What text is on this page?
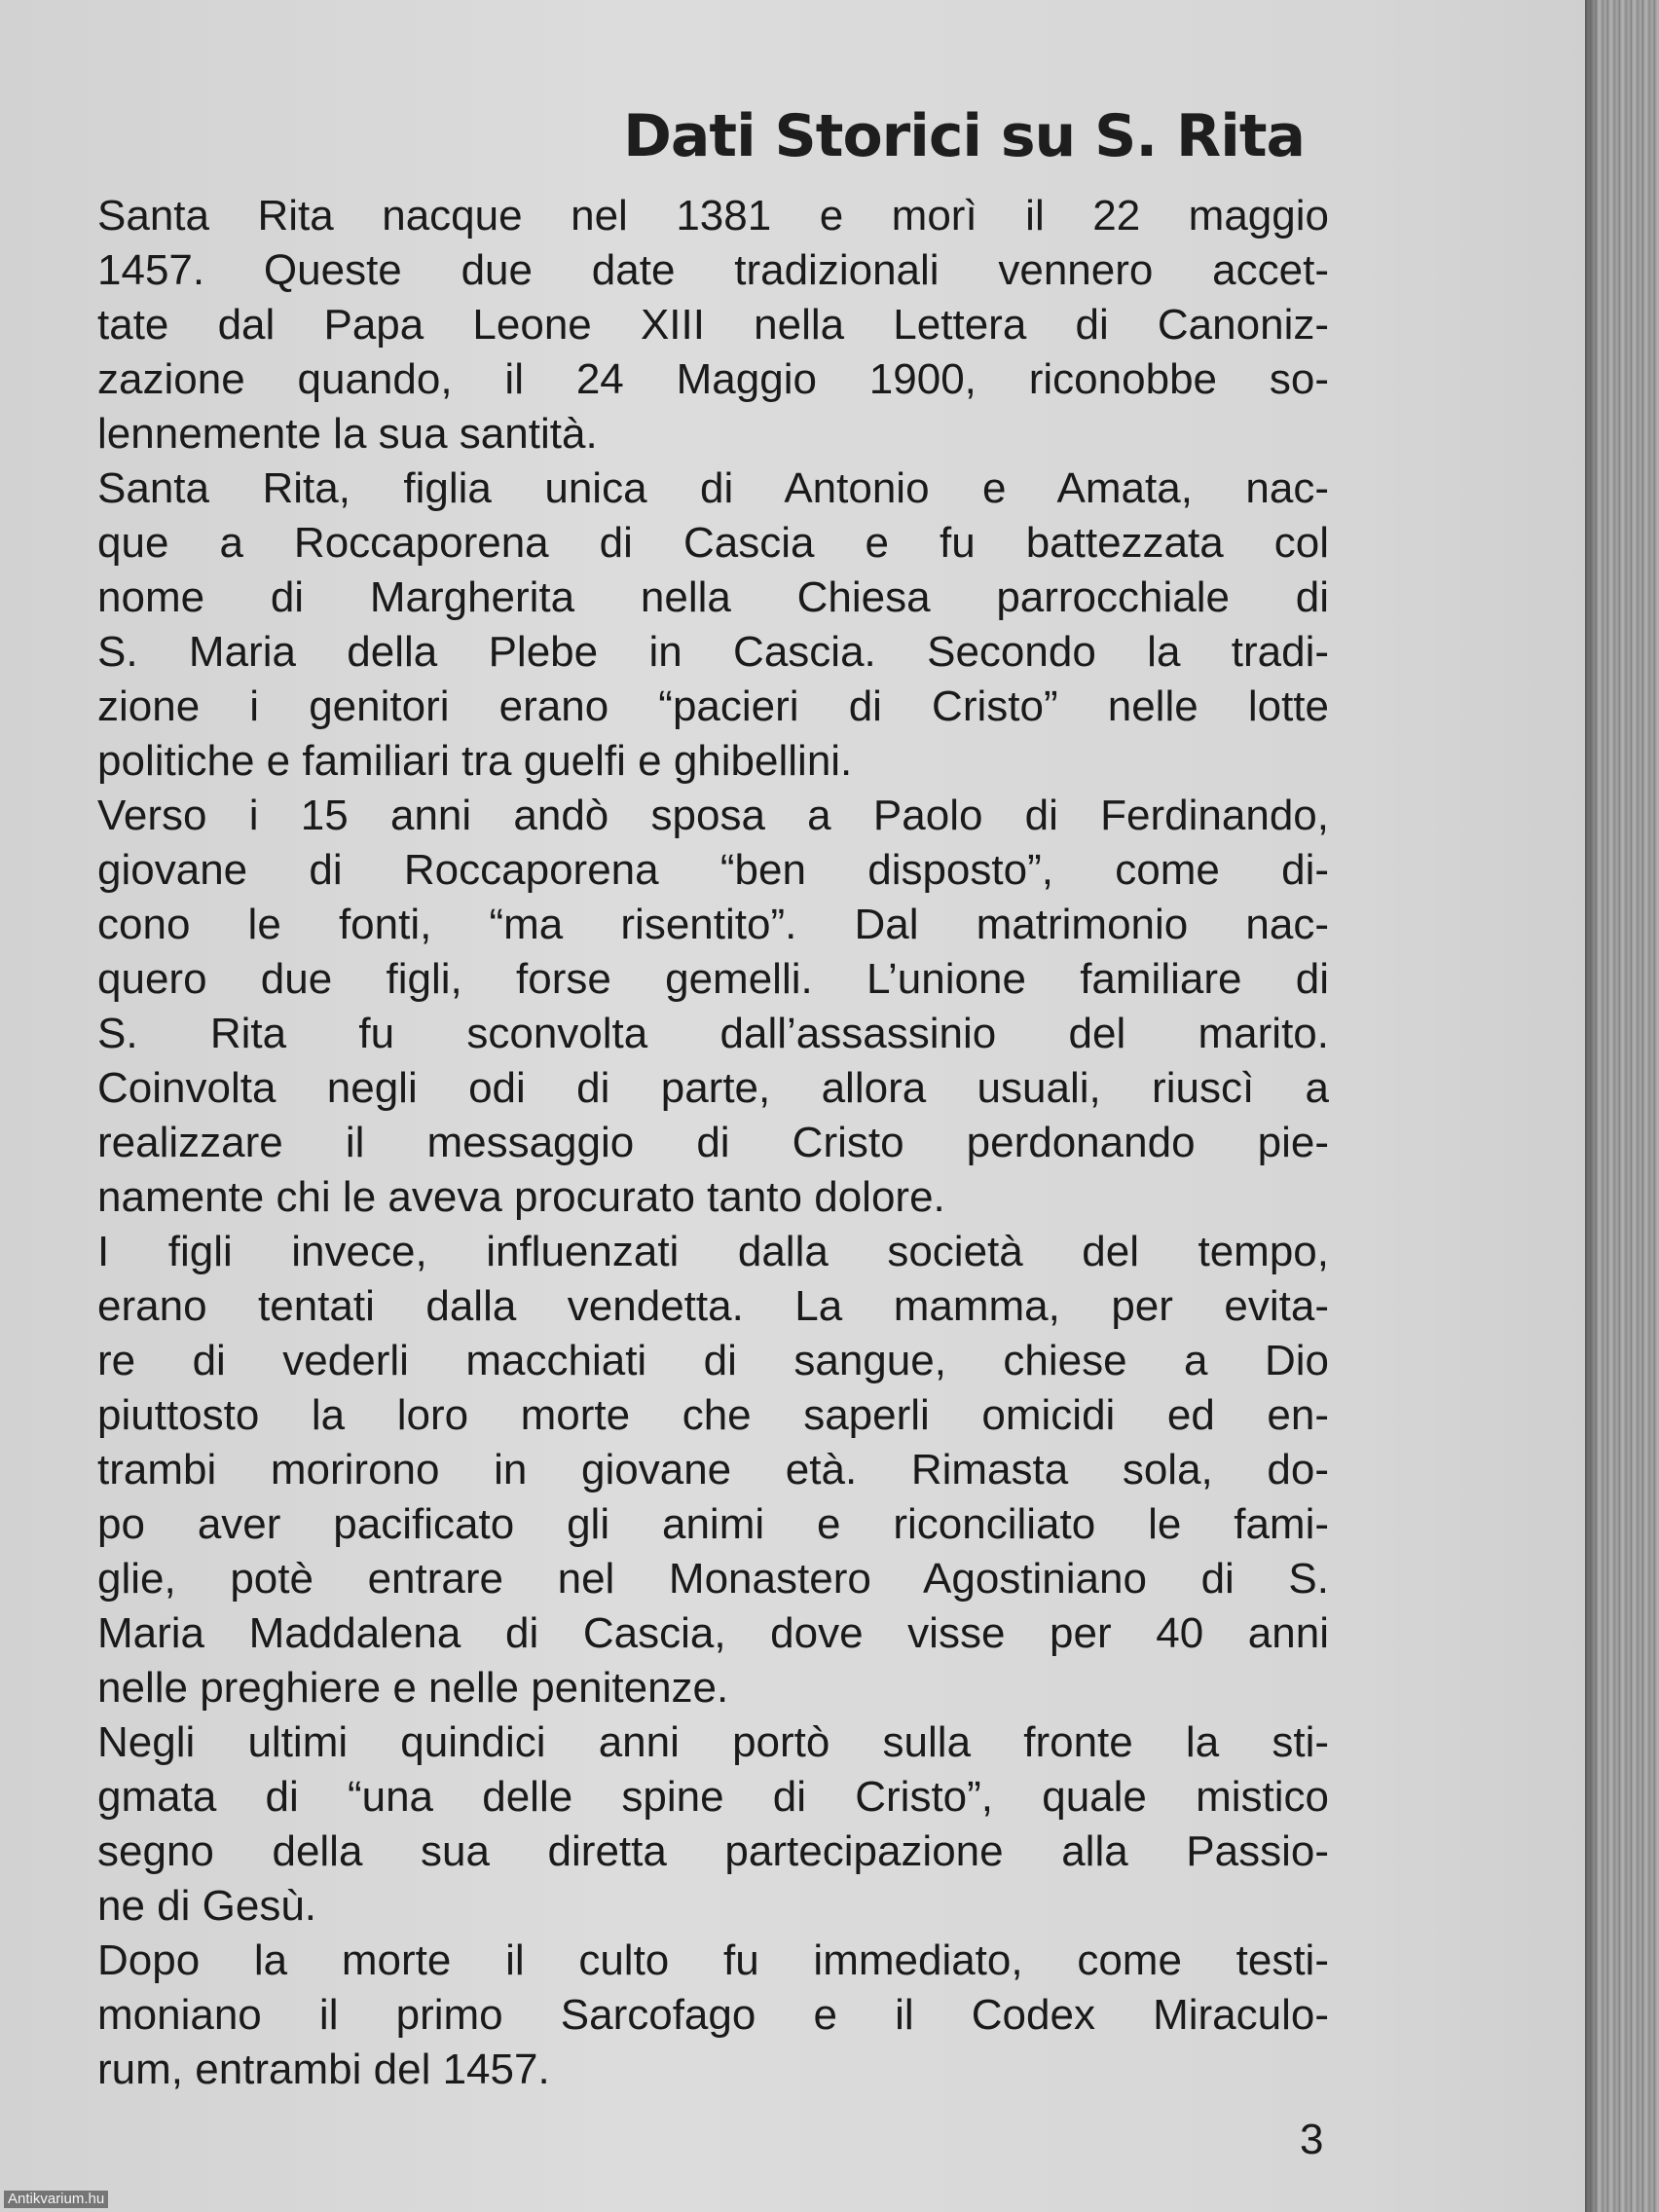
Dati Storici su S. Rita
Santa Rita nacque nel 1381 e morì il 22 maggio
1457. Queste due date tradizionali vennero accet-
tate dal Papa Leone XIII nella Lettera di Canoniz-
zazione quando, il 24 Maggio 1900, riconobbe so-
lennemente la sua santità.
Santa Rita, figlia unica di Antonio e Amata, nac-
que a Roccaporena di Cascia e fu battezzata col
nome di Margherita nella Chiesa parrocchiale di
S. Maria della Plebe in Cascia. Secondo la tradi-
zione i genitori erano “pacieri di Cristo” nelle lotte
politiche e familiari tra guelfi e ghibellini.
Verso i 15 anni andò sposa a Paolo di Ferdinando,
giovane di Roccaporena “ben disposto”, come di-
cono le fonti, “ma risentito”. Dal matrimonio nac-
quero due figli, forse gemelli. L’unione familiare di
S. Rita fu sconvolta dall’assassinio del marito.
Coinvolta negli odi di parte, allora usuali, riuscì a
realizzare il messaggio di Cristo perdonando pie-
namente chi le aveva procurato tanto dolore.
I figli invece, influenzati dalla società del tempo,
erano tentati dalla vendetta. La mamma, per evita-
re di vederli macchiati di sangue, chiese a Dio
piuttosto la loro morte che saperli omicidi ed en-
trambi morirono in giovane età. Rimasta sola, do-
po aver pacificato gli animi e riconciliato le fami-
glie, potè entrare nel Monastero Agostiniano di S.
Maria Maddalena di Cascia, dove visse per 40 anni
nelle preghiere e nelle penitenze.
Negli ultimi quindici anni portò sulla fronte la sti-
gmata di “una delle spine di Cristo”, quale mistico
segno della sua diretta partecipazione alla Passio-
ne di Gesù.
Dopo la morte il culto fu immediato, come testi-
moniano il primo Sarcofago e il Codex Miraculo-
rum, entrambi del 1457.
3
Antikvarium.hu
